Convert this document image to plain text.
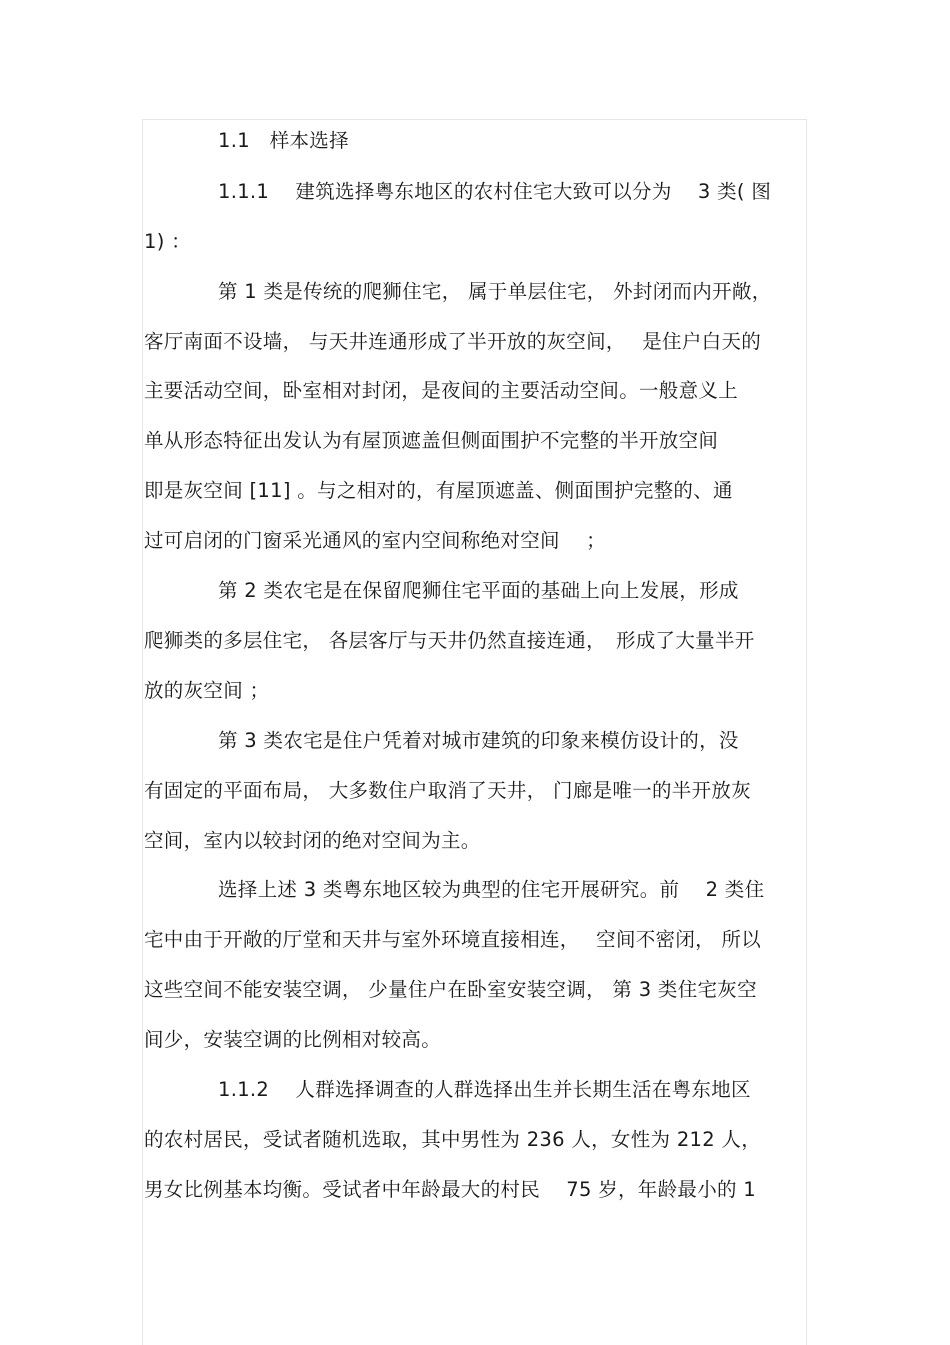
1.1　样本选择
1.1.1　 建筑选择粤东地区的农村住宅大致可以分为　 3 类( 图
1) ：
第 1 类是传统的爬狮住宅， 属于单层住宅， 外封闭而内开敞，
客厅南面不设墙， 与天井连通形成了半开放的灰空间，　 是住户白天的
主要活动空间，卧室相对封闭，是夜间的主要活动空间。一般意义上
单从形态特征出发认为有屋顶遮盖但侧面围护不完整的半开放空间
即是灰空间 [11] 。与之相对的，有屋顶遮盖、侧面围护完整的、通
过可启闭的门窗采光通风的室内空间称绝对空间　 ；
第 2 类农宅是在保留爬狮住宅平面的基础上向上发展，形成
爬狮类的多层住宅， 各层客厅与天井仍然直接连通，　形成了大量半开
放的灰空间 ；
第 3 类农宅是住户凭着对城市建筑的印象来模仿设计的，没
有固定的平面布局， 大多数住户取消了天井， 门廊是唯一的半开放灰
空间，室内以较封闭的绝对空间为主。
选择上述 3 类粤东地区较为典型的住宅开展研究。前　 2 类住
宅中由于开敞的厅堂和天井与室外环境直接相连，　 空间不密闭， 所以
这些空间不能安装空调， 少量住户在卧室安装空调， 第 3 类住宅灰空
间少，安装空调的比例相对较高。
1.1.2　 人群选择调查的人群选择出生并长期生活在粤东地区
的农村居民，受试者随机选取，其中男性为 236 人，女性为 212 人，
男女比例基本均衡。受试者中年龄最大的村民　 75 岁，年龄最小的 1
